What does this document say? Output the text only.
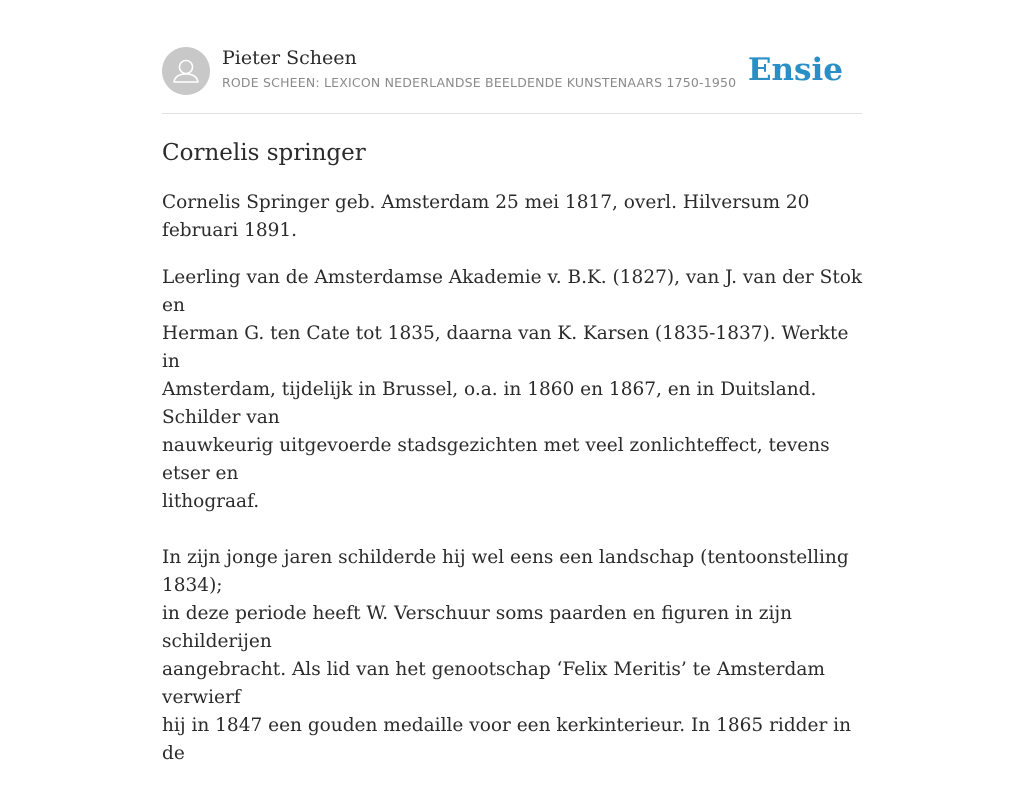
Pieter Scheen
RODE SCHEEN: LEXICON NEDERLANDSE BEELDENDE KUNSTENAARS 1750-1950 Ensie
Cornelis springer

Cornelis Springer geb. Amsterdam 25 mei 1817, overl. Hilversum 20 februari 1891.

Leerling van de Amsterdamse Akademie v. B.K. (1827), van J. van der Stok en
Herman G. ten Cate tot 1835, daarna van K. Karsen (1835-1837). Werkte in
Amsterdam, tijdelijk in Brussel, o.a. in 1860 en 1867, en in Duitsland. Schilder van
nauwkeurig uitgevoerde stadsgezichten met veel zonlichteffect, tevens etser en
lithograaf.

In zijn jonge jaren schilderde hij wel eens een landschap (tentoonstelling 1834);
in deze periode heeft W. Verschuur soms paarden en figuren in zijn schilderijen
aangebracht. Als lid van het genootschap ‘Felix Meritis’ te Amsterdam verwierf
hij in 1847 een gouden medaille voor een kerkinterieur. In 1865 ridder in de
